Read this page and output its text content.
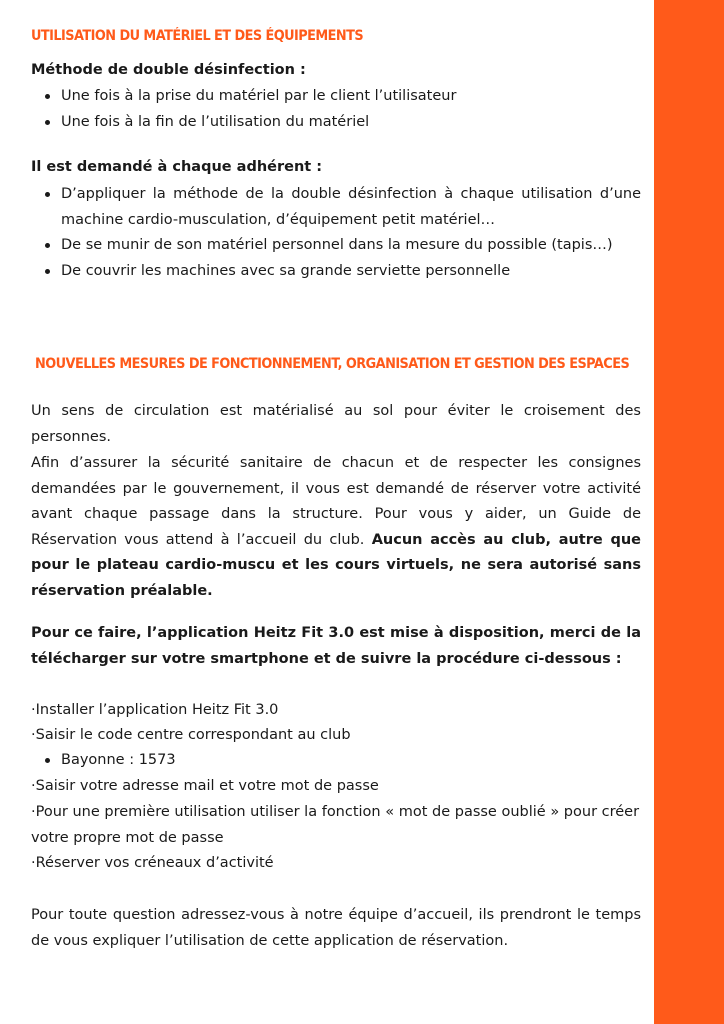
UTILISATION DU MATÉRIEL ET DES ÉQUIPEMENTS
Méthode de double désinfection :
Une fois à la prise du matériel par le client l’utilisateur
Une fois à la fin de l’utilisation du matériel
Il est demandé à chaque adhérent :
D’appliquer la méthode de la double désinfection à chaque utilisation d’une machine cardio-musculation, d’équipement petit matériel…
De se munir de son matériel personnel dans la mesure du possible (tapis…)
De couvrir les machines avec sa grande serviette personnelle
NOUVELLES MESURES DE FONCTIONNEMENT, ORGANISATION ET GESTION DES ESPACES

Un sens de circulation est matérialisé au sol pour éviter le croisement des personnes.

Afin d’assurer la sécurité sanitaire de chacun et de respecter les consignes demandées par le gouvernement, il vous est demandé de réserver votre activité avant chaque passage dans la structure. Pour vous y aider, un Guide de Réservation vous attend à l’accueil du club. Aucun accès au club, autre que pour le plateau cardio-muscu et les cours virtuels, ne sera autorisé sans réservation préalable.

Pour ce faire, l’application Heitz Fit 3.0 est mise à disposition, merci de la télécharger sur votre smartphone et de suivre la procédure ci-dessous :

·Installer l’application Heitz Fit 3.0
·Saisir le code centre correspondant au club
Bayonne : 1573
·Saisir votre adresse mail et votre mot de passe
·Pour une première utilisation utiliser la fonction « mot de passe oublié » pour créer votre propre mot de passe
·Réserver vos créneaux d’activité

Pour toute question adressez-vous à notre équipe d’accueil, ils prendront le temps de vous expliquer l’utilisation de cette application de réservation.
